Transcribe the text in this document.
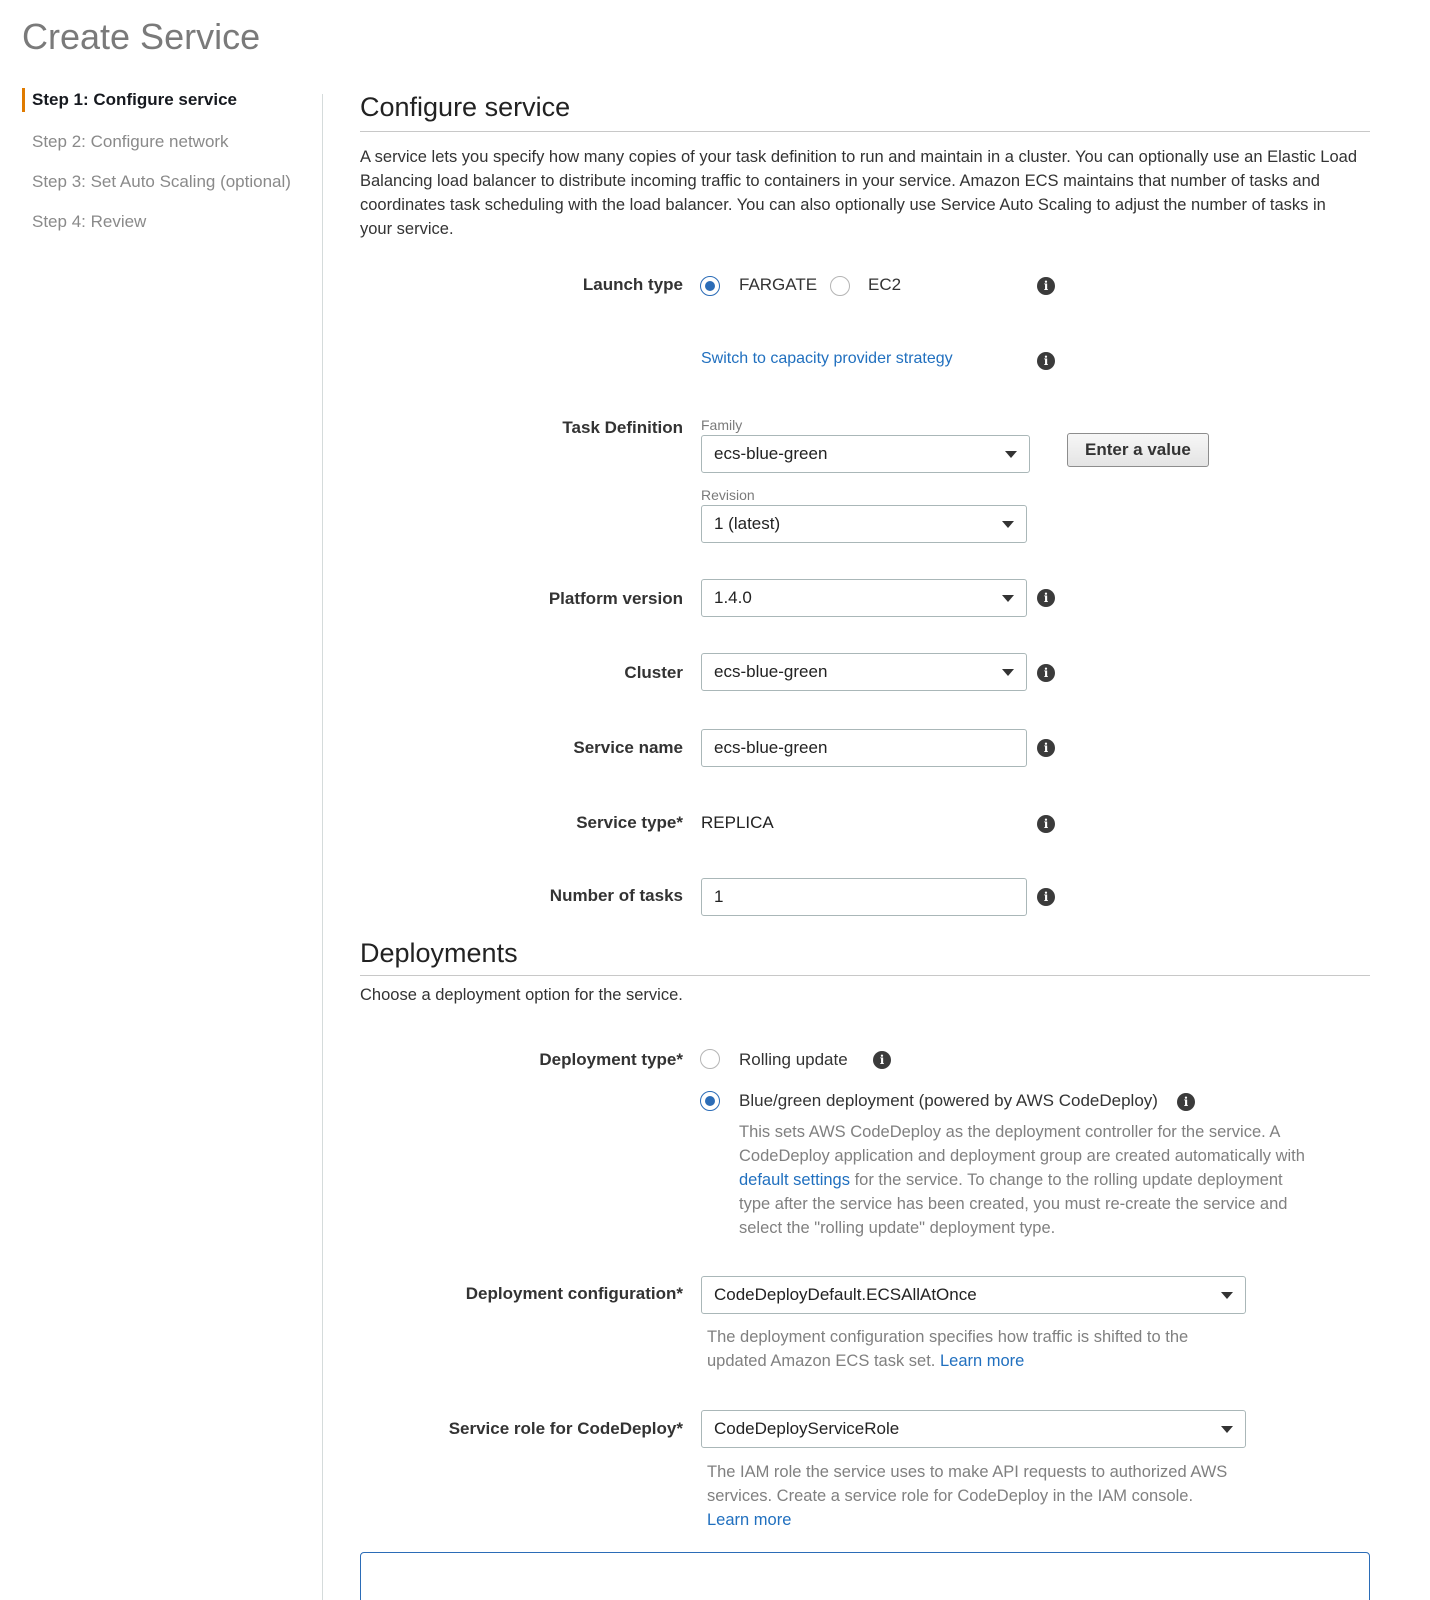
Create Service
Step 1: Configure service
Step 2: Configure network
Step 3: Set Auto Scaling (optional)
Step 4: Review
Configure service

A service lets you specify how many copies of your task definition to run and maintain in a cluster. You can optionally use an Elastic Load Balancing load balancer to distribute incoming traffic to containers in your service. Amazon ECS maintains that number of tasks and coordinates task scheduling with the load balancer. You can also optionally use Service Auto Scaling to adjust the number of tasks in your service.

Launch type	FARGATE	EC2	i
Switch to capacity provider strategy	i
Task Definition Family
ecs-blue-green	Enter a value
Revision
1 (latest)
Platform version	1.4.0	i
Cluster	ecs-blue-green	i
Service name	ecs-blue-green	i
Service type* REPLICA	i
Number of tasks	1	i
Deployments

Choose a deployment option for the service.

Deployment type*	Rolling update	i
Blue/green deployment (powered by AWS CodeDeploy)	i

This sets AWS CodeDeploy as the deployment controller for the service. A CodeDeploy application and deployment group are created automatically with default settings for the service. To change to the rolling update deployment type after the service has been created, you must re-create the service and select the "rolling update" deployment type.

Deployment configuration*	CodeDeployDefault.ECSAllAtOnce

The deployment configuration specifies how traffic is shifted to the updated Amazon ECS task set. Learn more

Service role for CodeDeploy*	CodeDeployServiceRole

The IAM role the service uses to make API requests to authorized AWS services. Create a service role for CodeDeploy in the IAM console.
Learn more
